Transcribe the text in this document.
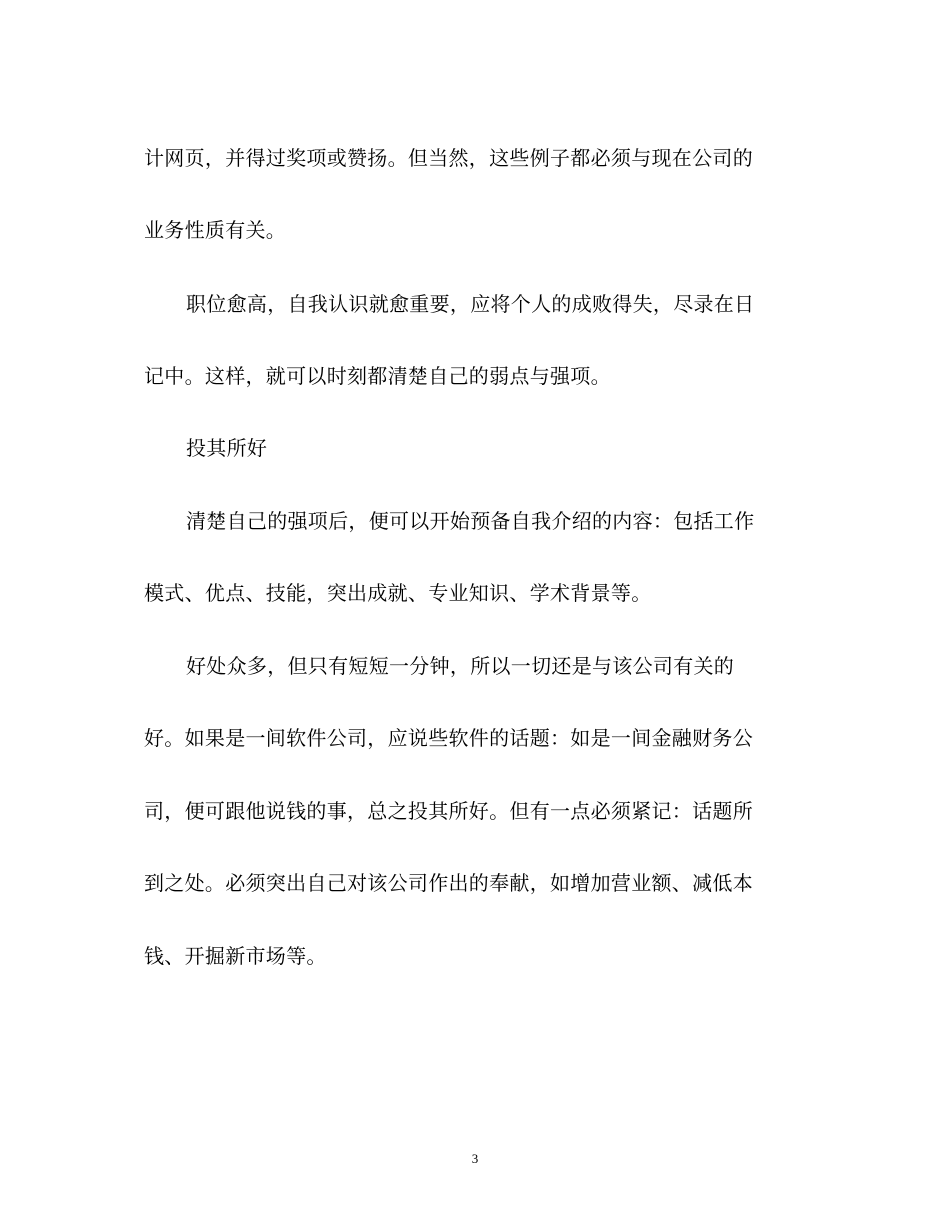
计网页，并得过奖项或赞扬。但当然，这些例子都必须与现在公司的
业务性质有关。
职位愈高，自我认识就愈重要，应将个人的成败得失，尽录在日
记中。这样，就可以时刻都清楚自己的弱点与强项。
投其所好
清楚自己的强项后，便可以开始预备自我介绍的内容：包括工作
模式、优点、技能，突出成就、专业知识、学术背景等。
好处众多，但只有短短一分钟，所以一切还是与该公司有关的
好。如果是一间软件公司，应说些软件的话题：如是一间金融财务公
司，便可跟他说钱的事，总之投其所好。但有一点必须紧记：话题所
到之处。必须突出自己对该公司作出的奉献，如增加营业额、减低本
钱、开掘新市场等。
3
